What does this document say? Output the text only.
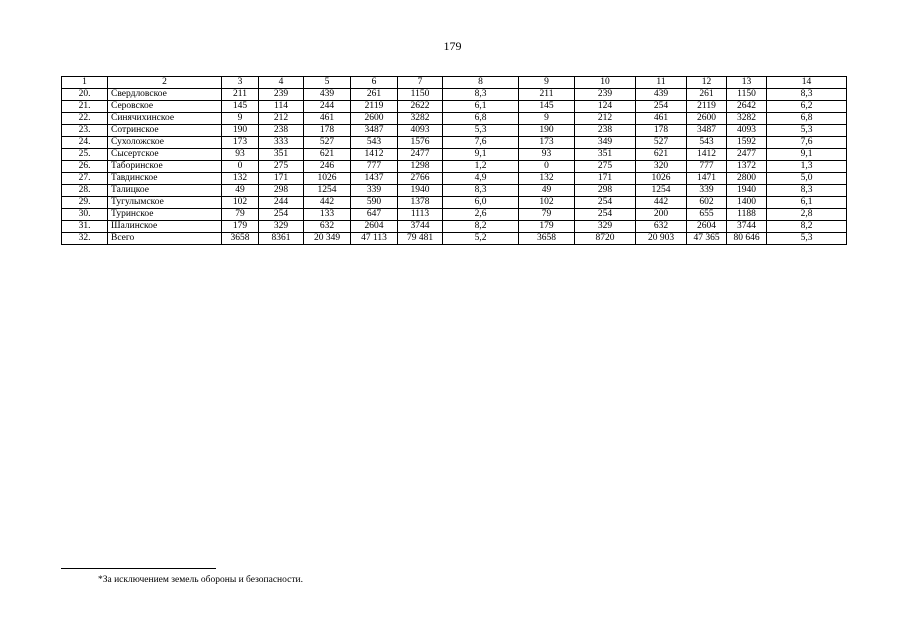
179
1	2	3	4	5	6	7	8	9	10	11	12	13	14
20.	Свердловское	211	239	439	261	1150	8,3	211	239	439	261	1150	8,3
21.	Серовское	145	114	244	2119	2622	6,1	145	124	254	2119	2642	6,2
22.	Синячихинское	9	212	461	2600	3282	6,8	9	212	461	2600	3282	6,8
23.	Сотринское	190	238	178	3487	4093	5,3	190	238	178	3487	4093	5,3
24.	Сухоложское	173	333	527	543	1576	7,6	173	349	527	543	1592	7,6
25.	Сысертское	93	351	621	1412	2477	9,1	93	351	621	1412	2477	9,1
26.	Таборинское	0	275	246	777	1298	1,2	0	275	320	777	1372	1,3
27.	Тавдинское	132	171	1026	1437	2766	4,9	132	171	1026	1471	2800	5,0
28.	Талицкое	49	298	1254	339	1940	8,3	49	298	1254	339	1940	8,3
29.	Тугулымское	102	244	442	590	1378	6,0	102	254	442	602	1400	6,1
30.	Туринское	79	254	133	647	1113	2,6	79	254	200	655	1188	2,8
31.	Шалинское	179	329	632	2604	3744	8,2	179	329	632	2604	3744	8,2
32.	Всего	3658	8361	20 349	47 113	79 481	5,2	3658	8720	20 903	47 365	80 646	5,3
*За исключением земель обороны и безопасности.
